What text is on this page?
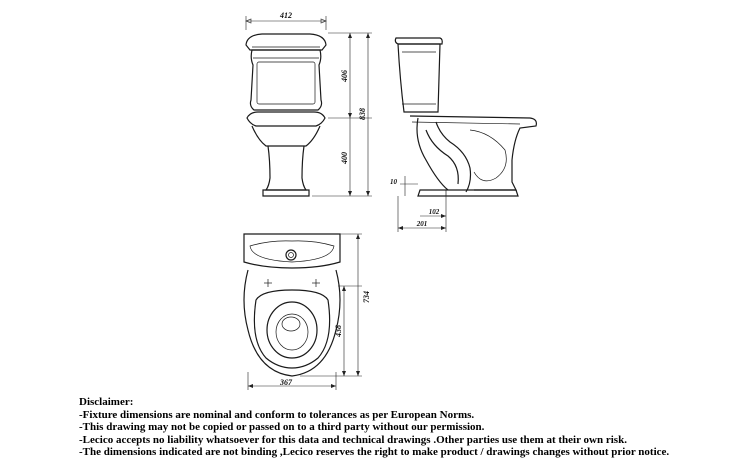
412
406
400
838
10
102
201
734
438
367
Disclaimer:
-Fixture dimensions are nominal and conform to tolerances as per European Norms.
-This drawing may not be copied or passed on to a third party without our permission.
-Lecico accepts no liability whatsoever for this data and technical drawings .Other parties use them at their own risk.
-The dimensions indicated are not binding ,Lecico reserves the right to make product / drawings changes without prior notice.
